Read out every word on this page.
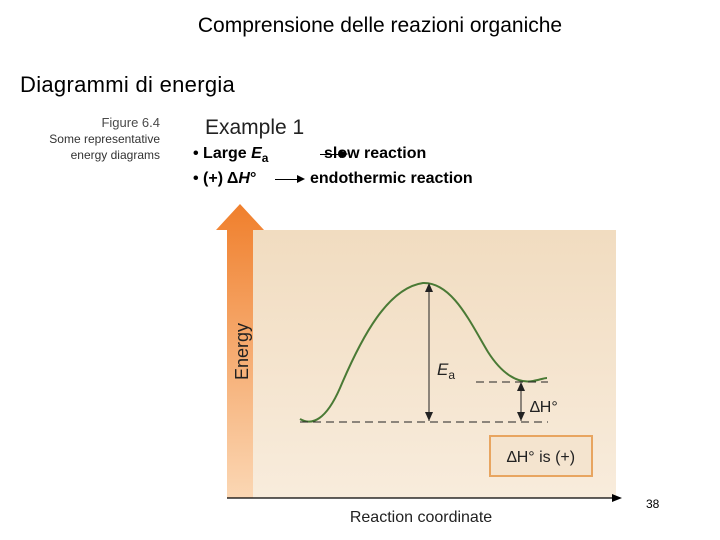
Comprensione delle reazioni organiche
Diagrammi di energia
Figure 6.4
Some representative energy diagrams
Example 1
• Large $E_a$	slow reaction
• (+) ΔH°	endothermic reaction
Energy
Reaction coordinate
$E_a$
∆H°
∆H° is (+)
38
